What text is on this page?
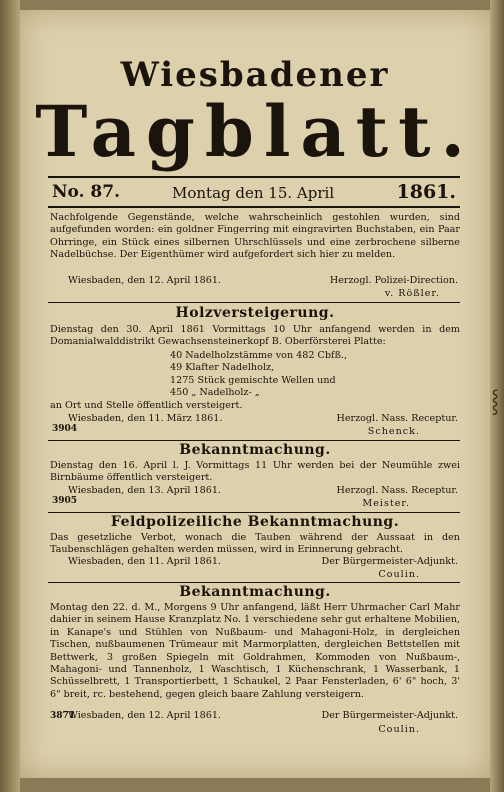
Wiesbadener
Tagblatt.
No. 87.	Montag den 15. April	1861.
Nachfolgende Gegenstände, welche wahrscheinlich gestohlen wurden, sind aufgefunden worden: ein goldner Fingerring mit eingravirten Buchstaben, ein Paar Ohrringe, ein Stück eines silbernen Uhrschlüssels und eine zerbrochene silberne Nadelbüchse. Der Eigenthümer wird aufgefordert sich hier zu melden.
Wiesbaden, den 12. April 1861.	Herzogl. Polizei-Direction.
v. Rößler.
Holzversteigerung.
Dienstag den 30. April 1861 Vormittags 10 Uhr anfangend werden in dem Domanialwalddistrikt Gewachsensteinerkopf B. Oberförsterei Platte:
40 Nadelholzstämme von 482 Cbfß.,
49 Klafter Nadelholz,
1275 Stück gemischte Wellen und
450 „ Nadelholz- „
an Ort und Stelle öffentlich versteigert.
Wiesbaden, den 11. März 1861.	Herzogl. Nass. Receptur.
3904	Schenck.
Bekanntmachung.
Dienstag den 16. April l. J. Vormittags 11 Uhr werden bei der Neumühle zwei Birnbäume öffentlich versteigert.
Wiesbaden, den 13. April 1861.	Herzogl. Nass. Receptur.
3905	Meister.
Feldpolizeiliche Bekanntmachung.
Das gesetzliche Verbot, wonach die Tauben während der Aussaat in den Taubenschlägen gehalten werden müssen, wird in Erinnerung gebracht.
Wiesbaden, den 11. April 1861.	Der Bürgermeister-Adjunkt.
Coulin.
Bekanntmachung.
Montag den 22. d. M., Morgens 9 Uhr anfangend, läßt Herr Uhrmacher Carl Mahr dahier in seinem Hause Kranzplatz No. 1 verschiedene sehr gut erhaltene Mobilien, in Kanape's und Stühlen von Nußbaum- und Mahagoni-Holz, in dergleichen Tischen, nußbaumenen Trümeaur mit Marmorplatten, dergleichen Bettstellen mit Bettwerk, 3 großen Spiegeln mit Goldrahmen, Kommoden von Nußbaum-, Mahagoni- und Tannenholz, 1 Waschtisch, 1 Küchenschrank, 1 Wasserbank, 1 Schüsselbrett, 1 Transportierbett, 1 Schaukel, 2 Paar Fensterladen, 6' 6" hoch, 3' 6" breit, rc. bestehend, gegen gleich baare Zahlung versteigern.
Wiesbaden, den 12. April 1861.	Der Bürgermeister-Adjunkt.
3871
Coulin.
⸾
